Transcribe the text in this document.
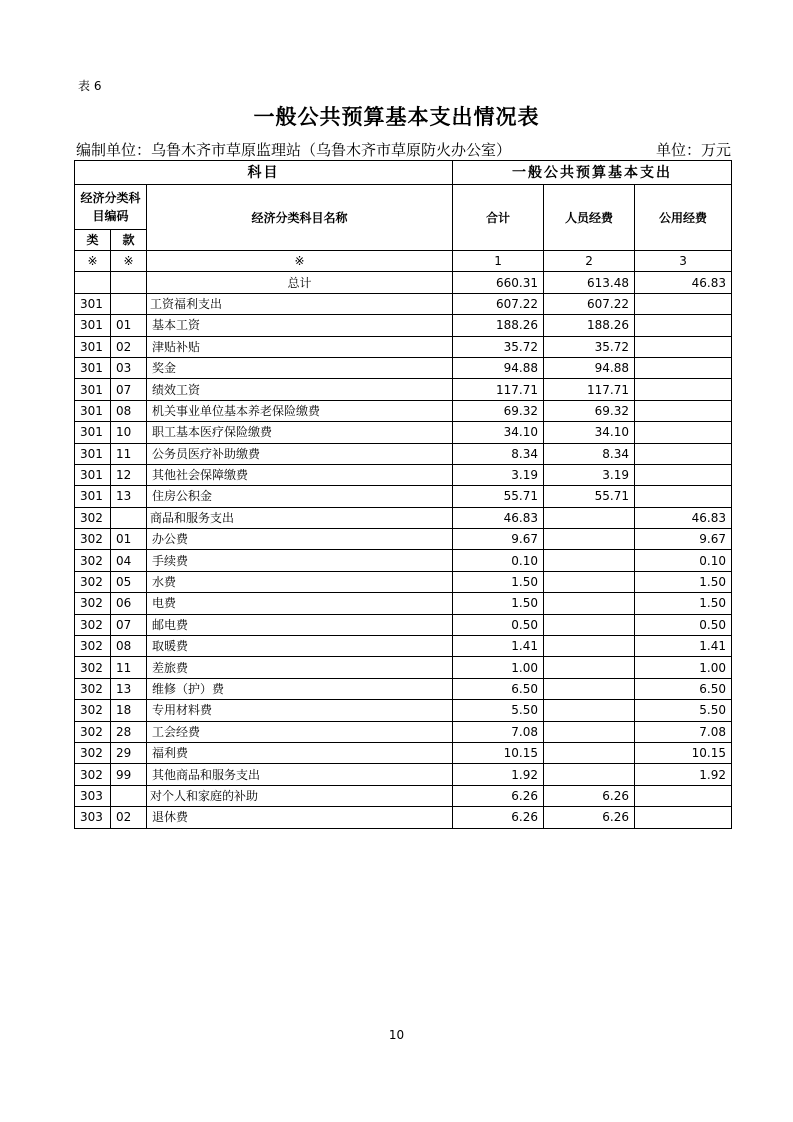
表 6
一般公共预算基本支出情况表
编制单位：乌鲁木齐市草原监理站（乌鲁木齐市草原防火办公室）	单位：万元
科目			一般公共预算基本支出		
经济分类科目编码		经济分类科目名称	合计	人员经费	公用经费
类	款				
※	※	※	1	2	3
		总计	660.31	613.48	46.83
301		工资福利支出	607.22	607.22	
301	01	基本工资	188.26	188.26	
301	02	津贴补贴	35.72	35.72	
301	03	奖金	94.88	94.88	
301	07	绩效工资	117.71	117.71	
301	08	机关事业单位基本养老保险缴费	69.32	69.32	
301	10	职工基本医疗保险缴费	34.10	34.10	
301	11	公务员医疗补助缴费	8.34	8.34	
301	12	其他社会保障缴费	3.19	3.19	
301	13	住房公积金	55.71	55.71	
302		商品和服务支出	46.83		46.83
302	01	办公费	9.67		9.67
302	04	手续费	0.10		0.10
302	05	水费	1.50		1.50
302	06	电费	1.50		1.50
302	07	邮电费	0.50		0.50
302	08	取暖费	1.41		1.41
302	11	差旅费	1.00		1.00
302	13	维修（护）费	6.50		6.50
302	18	专用材料费	5.50		5.50
302	28	工会经费	7.08		7.08
302	29	福利费	10.15		10.15
302	99	其他商品和服务支出	1.92		1.92
303		对个人和家庭的补助	6.26	6.26	
303	02	退休费	6.26	6.26	
10
